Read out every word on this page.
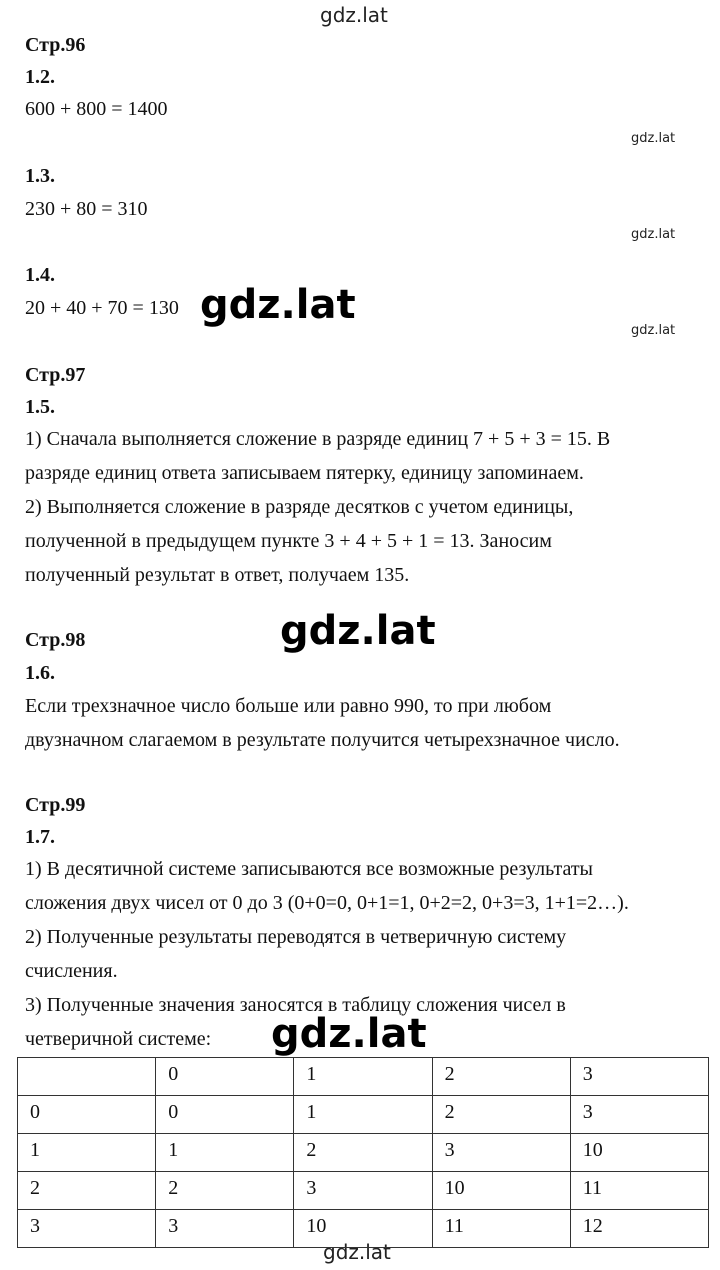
gdz.lat
gdz.lat
gdz.lat
gdz.lat
gdz.lat
Стр.96
1.2.
600 + 800 = 1400
1.3.
230 + 80 = 310
1.4.
20 + 40 + 70 = 130
Стр.97
1.5.
1) Сначала выполняется сложение в разряде единиц 7 + 5 + 3 = 15. В
разряде единиц ответа записываем пятерку, единицу запоминаем.
2) Выполняется сложение в разряде десятков с учетом единицы,
полученной в предыдущем пункте 3 + 4 + 5 + 1 = 13. Заносим
полученный результат в ответ, получаем 135.
Стр.98
1.6.
Если трехзначное число больше или равно 990, то при любом
двузначном слагаемом в результате получится четырехзначное число.
Стр.99
1.7.
1) В десятичной системе записываются все возможные результаты
сложения двух чисел от 0 до 3 (0+0=0, 0+1=1, 0+2=2, 0+3=3, 1+1=2…).
2) Полученные результаты переводятся в четверичную систему
счисления.
3) Полученные значения заносятся в таблицу сложения чисел в
четверичной системе:
	0	1	2	3
0	0	1	2	3
1	1	2	3	10
2	2	3	10	11
3	3	10	11	12
gdz.lat
gdz.lat
gdz.lat
